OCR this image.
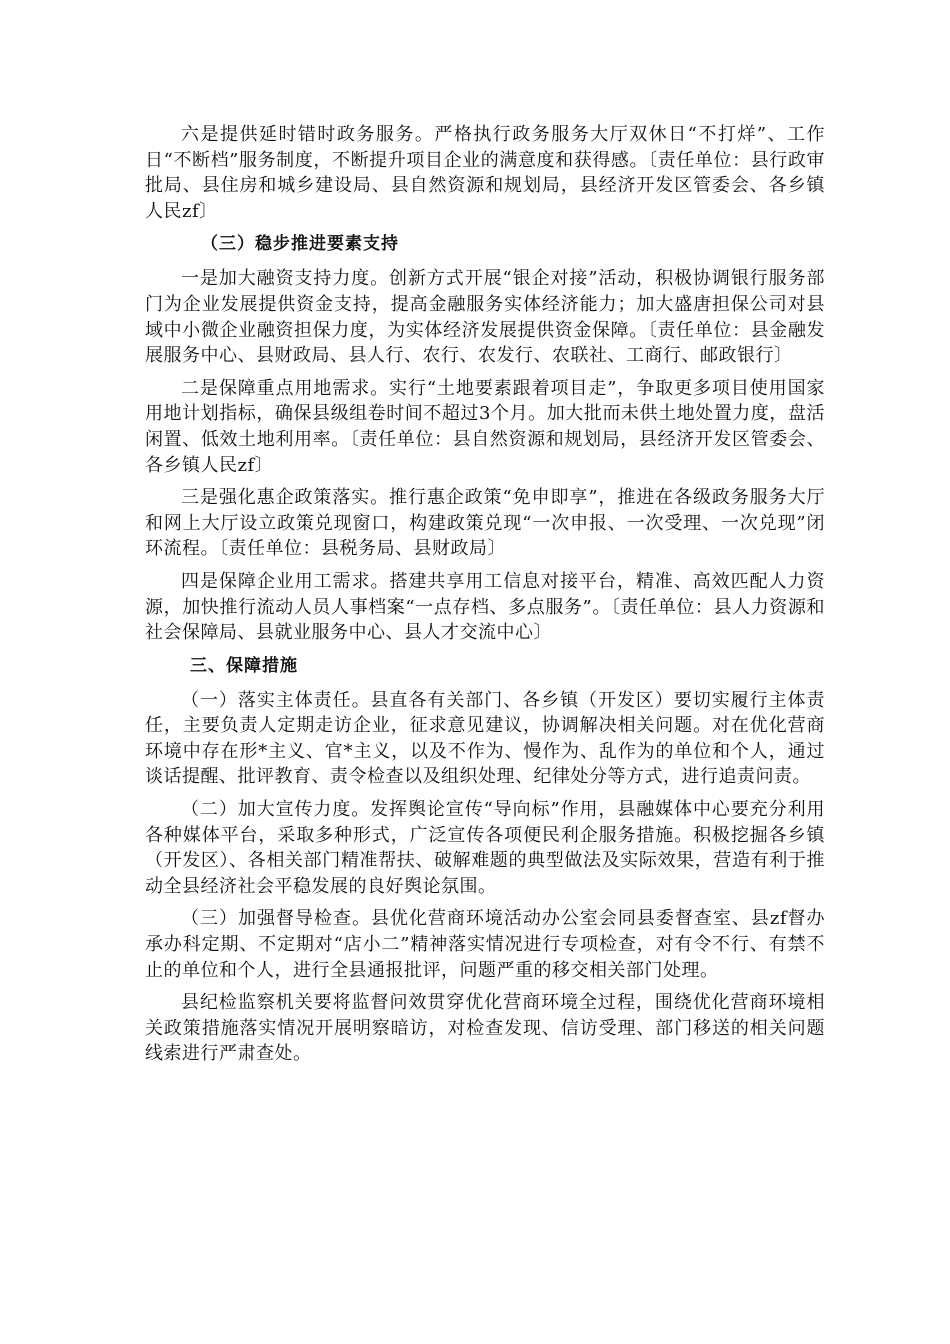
六是提供延时错时政务服务。严格执行政务服务大厅双休日“不打烊”、工作日“不断档”服务制度，不断提升项目企业的满意度和获得感。〔责任单位：县行政审批局、县住房和城乡建设局、县自然资源和规划局，县经济开发区管委会、各乡镇人民zf〕

（三）稳步推进要素支持

一是加大融资支持力度。创新方式开展“银企对接”活动，积极协调银行服务部门为企业发展提供资金支持，提高金融服务实体经济能力；加大盛唐担保公司对县域中小微企业融资担保力度，为实体经济发展提供资金保障。〔责任单位：县金融发展服务中心、县财政局、县人行、农行、农发行、农联社、工商行、邮政银行〕

二是保障重点用地需求。实行“土地要素跟着项目走”，争取更多项目使用国家用地计划指标，确保县级组卷时间不超过3个月。加大批而未供土地处置力度，盘活闲置、低效土地利用率。〔责任单位：县自然资源和规划局，县经济开发区管委会、各乡镇人民zf〕

三是强化惠企政策落实。推行惠企政策“免申即享”，推进在各级政务服务大厅和网上大厅设立政策兑现窗口，构建政策兑现“一次申报、一次受理、一次兑现”闭环流程。〔责任单位：县税务局、县财政局〕

四是保障企业用工需求。搭建共享用工信息对接平台，精准、高效匹配人力资源，加快推行流动人员人事档案“一点存档、多点服务”。〔责任单位：县人力资源和社会保障局、县就业服务中心、县人才交流中心〕

三、保障措施

（一）落实主体责任。县直各有关部门、各乡镇（开发区）要切实履行主体责任，主要负责人定期走访企业，征求意见建议，协调解决相关问题。对在优化营商环境中存在形*主义、官*主义，以及不作为、慢作为、乱作为的单位和个人，通过谈话提醒、批评教育、责令检查以及组织处理、纪律处分等方式，进行追责问责。

（二）加大宣传力度。发挥舆论宣传“导向标”作用，县融媒体中心要充分利用各种媒体平台，采取多种形式，广泛宣传各项便民利企服务措施。积极挖掘各乡镇（开发区）、各相关部门精准帮扶、破解难题的典型做法及实际效果，营造有利于推动全县经济社会平稳发展的良好舆论氛围。

（三）加强督导检查。县优化营商环境活动办公室会同县委督查室、县zf督办承办科定期、不定期对“店小二”精神落实情况进行专项检查，对有令不行、有禁不止的单位和个人，进行全县通报批评，问题严重的移交相关部门处理。

县纪检监察机关要将监督问效贯穿优化营商环境全过程，围绕优化营商环境相关政策措施落实情况开展明察暗访，对检查发现、信访受理、部门移送的相关问题线索进行严肃查处。
